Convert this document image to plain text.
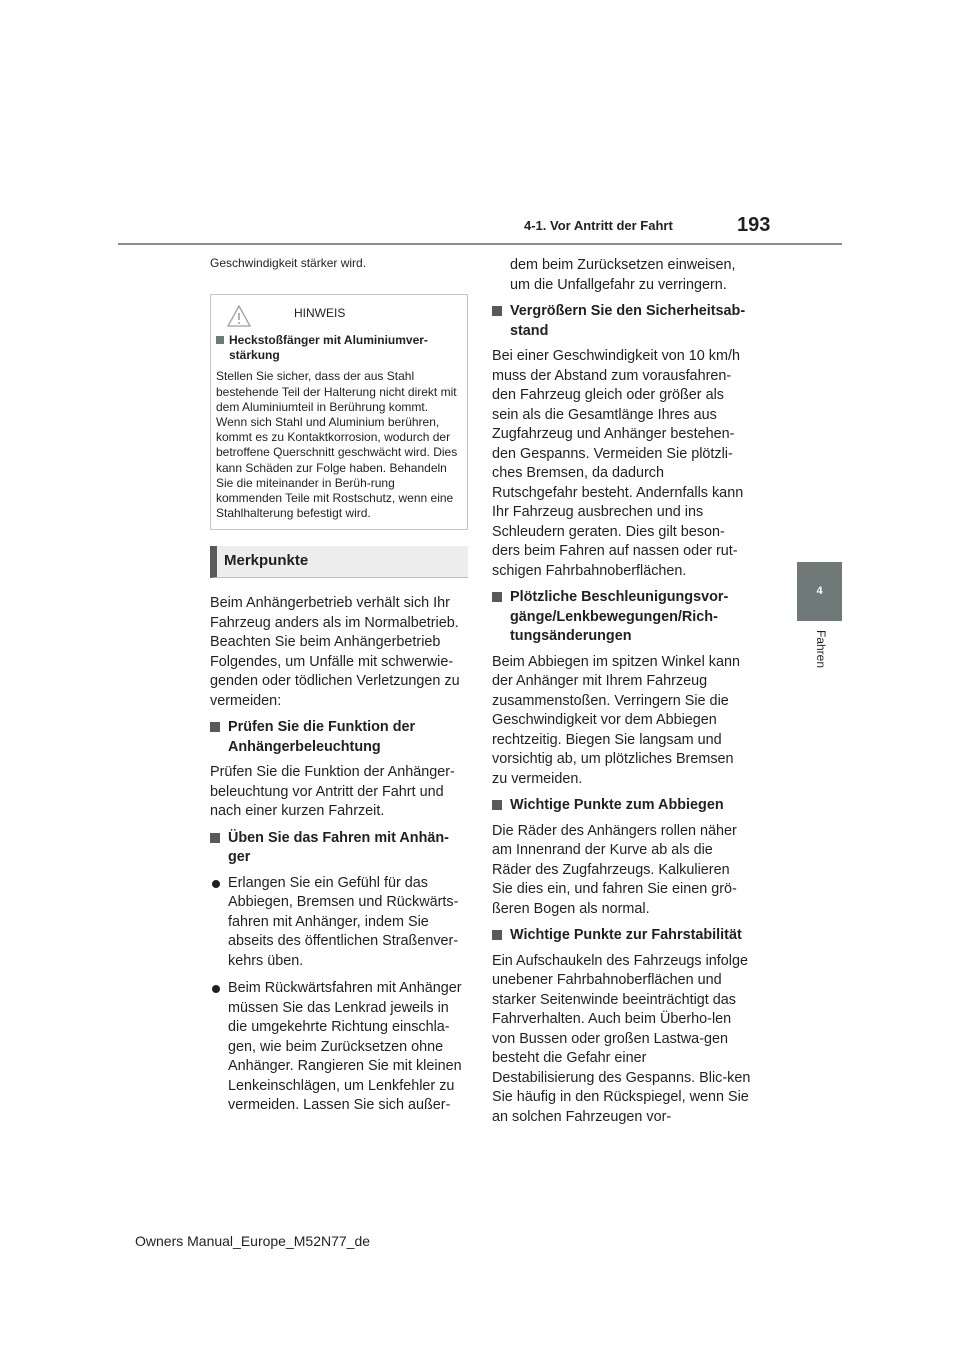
4-1. Vor Antritt der Fahrt	193
4
Fahren

Geschwindigkeit stärker wird.

HINWEIS
Heckstoßfänger mit Aluminiumver-stärkung
Stellen Sie sicher, dass der aus Stahl bestehende Teil der Halterung nicht direkt mit dem Aluminiumteil in Berührung kommt.
Wenn sich Stahl und Aluminium berühren, kommt es zu Kontaktkorrosion, wodurch der betroffene Querschnitt geschwächt wird. Dies kann Schäden zur Folge haben. Behandeln Sie die miteinander in Berüh-rung kommenden Teile mit Rostschutz, wenn eine Stahlhalterung befestigt wird.
Merkpunkte

Beim Anhängerbetrieb verhält sich Ihr Fahrzeug anders als im Normalbetrieb. Beachten Sie beim Anhängerbetrieb Folgendes, um Unfälle mit schwerwie-genden oder tödlichen Verletzungen zu vermeiden:

Prüfen Sie die Funktion der Anhängerbeleuchtung

Prüfen Sie die Funktion der Anhänger-beleuchtung vor Antritt der Fahrt und nach einer kurzen Fahrzeit.

Üben Sie das Fahren mit Anhän-ger
Erlangen Sie ein Gefühl für das Abbiegen, Bremsen und Rückwärts-fahren mit Anhänger, indem Sie abseits des öffentlichen Straßenver-kehrs üben.
Beim Rückwärtsfahren mit Anhänger müssen Sie das Lenkrad jeweils in die umgekehrte Richtung einschla-gen, wie beim Zurücksetzen ohne Anhänger. Rangieren Sie mit kleinen Lenkeinschlägen, um Lenkfehler zu vermeiden. Lassen Sie sich außer-

dem beim Zurücksetzen einweisen, um die Unfallgefahr zu verringern.

Vergrößern Sie den Sicherheitsab-stand

Bei einer Geschwindigkeit von 10 km/h muss der Abstand zum vorausfahren-den Fahrzeug gleich oder größer als sein als die Gesamtlänge Ihres aus Zugfahrzeug und Anhänger bestehen-den Gespanns. Vermeiden Sie plötzli-ches Bremsen, da dadurch Rutschgefahr besteht. Andernfalls kann Ihr Fahrzeug ausbrechen und ins Schleudern geraten. Dies gilt beson-ders beim Fahren auf nassen oder rut-schigen Fahrbahnoberflächen.

Plötzliche Beschleunigungsvor-gänge/Lenkbewegungen/Rich-tungsänderungen

Beim Abbiegen im spitzen Winkel kann der Anhänger mit Ihrem Fahrzeug zusammenstoßen. Verringern Sie die Geschwindigkeit vor dem Abbiegen rechtzeitig. Biegen Sie langsam und vorsichtig ab, um plötzliches Bremsen zu vermeiden.

Wichtige Punkte zum Abbiegen

Die Räder des Anhängers rollen näher am Innenrand der Kurve ab als die Räder des Zugfahrzeugs. Kalkulieren Sie dies ein, und fahren Sie einen grö-ßeren Bogen als normal.

Wichtige Punkte zur Fahrstabilität

Ein Aufschaukeln des Fahrzeugs infolge unebener Fahrbahnoberflächen und starker Seitenwinde beeinträchtigt das Fahrverhalten. Auch beim Überho-len von Bussen oder großen Lastwa-gen besteht die Gefahr einer Destabilisierung des Gespanns. Blic-ken Sie häufig in den Rückspiegel, wenn Sie an solchen Fahrzeugen vor-

Owners Manual_Europe_M52N77_de
